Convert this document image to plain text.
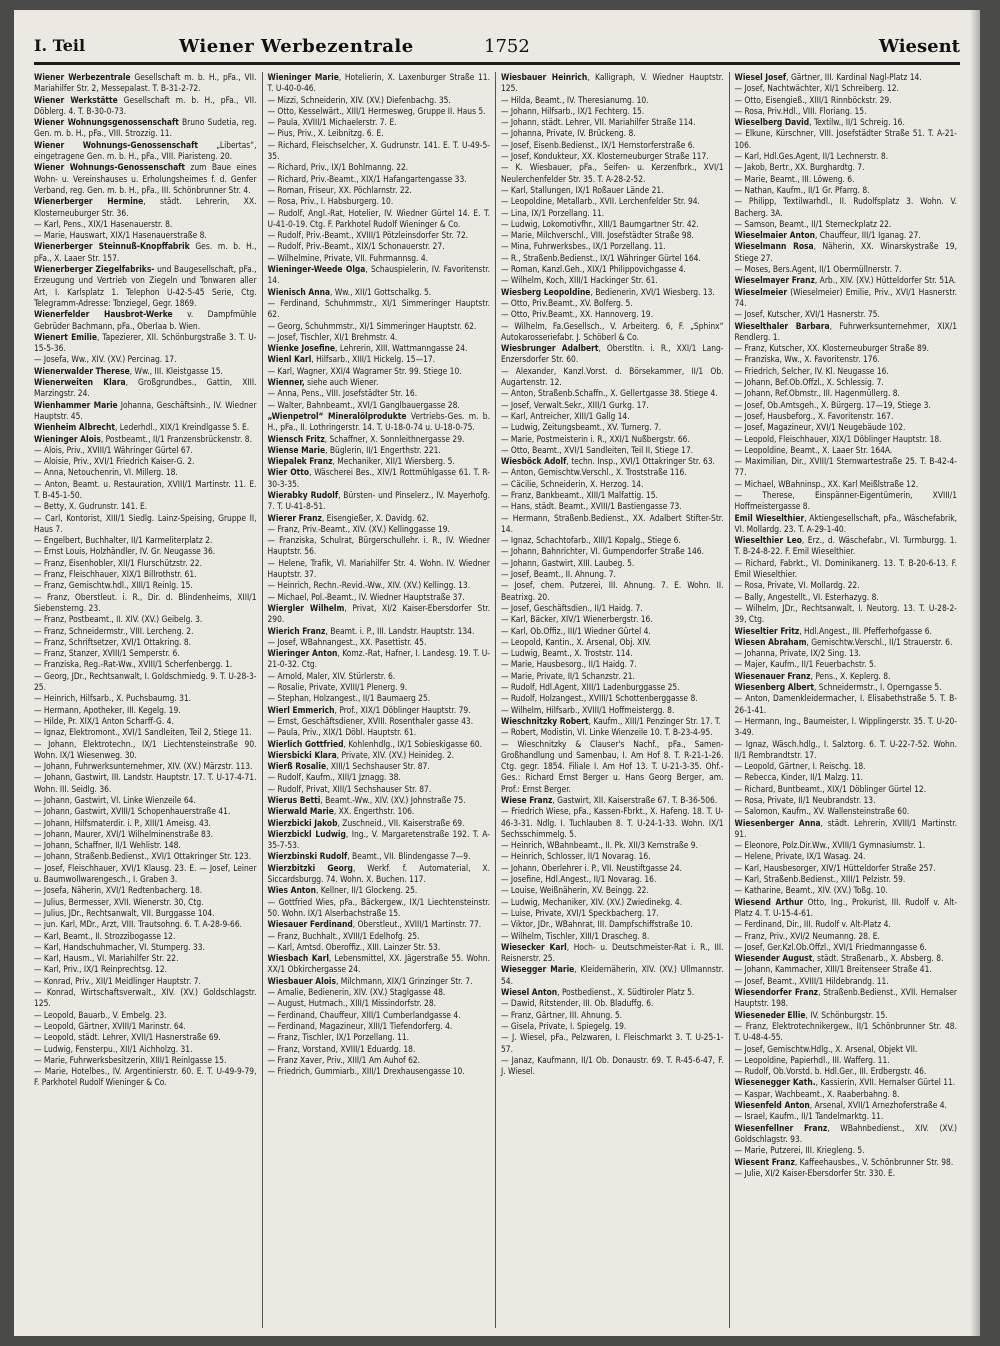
I. Teil	Wiener Werbezentrale	1752	Wiesent

Wiener Werbezentrale Gesellschaft m. b. H., pFa., VII. Mariahilfer Str. 2, Messepalast. T. B-31-2-72.

Wiener Werkstätte Gesellschaft m. b. H., pFa., VII. Döblerg. 4. T. B-30-0-73.

Wiener Wohnungsgenossenschaft Bruno Sudetia, reg. Gen. m. b. H., pFa., VIII. Strozzig. 11.

Wiener Wohnungs-Genossenschaft „Libertas“, eingetragene Gen. m. b. H., pFa., VIII. Piaristeng. 20.

Wiener Wohnungs-Genossenschaft zum Baue eines Wohn- u. Vereinshauses u. Erholungsheimes f. d. Genfer Verband, reg. Gen. m. b. H., pFa., III. Schönbrunner Str. 4.

Wienerberger Hermine, städt. Lehrerin, XX. Klosterneuburger Str. 36.

— Karl, Pens., XIX/1 Hasenauerstr. 8.

— Marie, Hauswart, XIX/1 Hasenauerstraße 8.

Wienerberger Steinnuß-Knopffabrik Ges. m. b. H., pFa., X. Laaer Str. 157.

Wienerberger Ziegelfabriks- und Baugesellschaft, pFa., Erzeugung und Vertrieb von Ziegeln und Tonwaren aller Art, I. Karlsplatz 1. Telephon U-42-5-45 Serie, Ctg. Telegramm-Adresse: Tonziegel, Gegr. 1869.

Wienerfelder Hausbrot-Werke v. Dampfmühle Gebrüder Bachmann, pFa., Oberlaa b. Wien.

Wienert Emilie, Tapezierer, XII. Schönburgstraße 3. T. U-15-5-36.

— Josefa, Ww., XIV. (XV.) Percinag. 17.

Wienerwalder Therese, Ww., III. Kleistgasse 15.

Wienerweiten Klara, Großgrundbes., Gattin, XIII. Marzingstr. 24.

Wienhammer Marie Johanna, Geschäftsinh., IV. Wiedner Hauptstr. 45.

Wienheim Albrecht, Lederhdl., XIX/1 Kreindlgasse 5. E.

Wieninger Alois, Postbeamt., II/1 Franzensbrückenstr. 8.

— Alois, Priv., XVIII/1 Währinger Gürtel 67.

— Aloisie, Priv., XVI/1 Friedrich Kaiser-G. 2.

— Anna, Netouchenrin, VI. Millerg. 18.

— Anton, Beamt. u. Restauration, XVIII/1 Martinstr. 11. E. T. B-45-1-50.

— Betty, X. Gudrunstr. 141. E.

— Carl, Kontorist, XIII/1 Siedlg. Lainz-Speising, Gruppe II, Haus 7.

— Engelbert, Buchhalter, II/1 Karmeliterplatz 2.

— Ernst Louis, Holzhändler, IV. Gr. Neugasse 36.

— Franz, Eisenhobler, XII/1 Flurschützstr. 22.

— Franz, Fleischhauer, XIX/1 Billrothstr. 61.

— Franz, Gemischtw.hdl., XIII/1 Reinlg. 15.

— Franz, Oberstleut. i. R., Dir. d. Blindenheims, XIII/1 Siebensterng. 23.

— Franz, Postbeamt., II. XIV. (XV.) Geibelg. 3.

— Franz, Schneidermstr., VIII. Lercheng. 2.

— Franz, Schriftsetzer, XVI/1 Ottakring. 8.

— Franz, Stanzer, XVIII/1 Semperstr. 6.

— Franziska, Reg.-Rat-Ww., XVIII/1 Scherfenbergg. 1.

— Georg, JDr., Rechtsanwalt, I. Goldschmiedg. 9. T. U-28-3-25.

— Heinrich, Hilfsarb., X. Puchsbaumg. 31.

— Hermann, Apotheker, III. Kegelg. 19.

— Hilde, Pr. XIX/1 Anton Scharff-G. 4.

— Ignaz, Elektromont., XVI/1 Sandleiten, Teil 2, Stiege 11.

— Johann, Elektrotechn., IX/1 Liechtensteinstraße 90. Wohn. IX/1 Wiesenweg. 30.

— Johann, Fuhrwerksunternehmer, XIV. (XV.) Märzstr. 113.

— Johann, Gastwirt, III. Landstr. Hauptstr. 17. T. U-17-4-71. Wohn. III. Seidlg. 36.

— Johann, Gastwirt, VI. Linke Wienzeile 64.

— Johann, Gastwirt, XVIII/1 Schopenhauerstraße 41.

— Johann, Hilfsmaterdir. i. P., XIII/1 Ameisg. 43.

— Johann, Maurer, XVI/1 Wilhelminenstraße 83.

— Johann, Schaffner, II/1 Wehlistr. 148.

— Johann, Straßenb.Bedienst., XVI/1 Ottakringer Str. 123.

— Josef, Fleischhauer, XVI/1 Klausg. 23. E. — Josef, Leiner u. Baumwollwarengesch., I. Graben 3.

— Josefa, Näherin, XVI/1 Redtenbacherg. 18.

— Julius, Bermesser, XVII. Wienerstr. 30, Ctg.

— Julius, JDr., Rechtsanwalt, VII. Burggasse 104.

— jun. Karl, MDr., Arzt, VIII. Trautsohng. 6. T. A-28-9-66.

— Karl, Beamt., II. Strozzibogasse 12.

— Karl, Handschuhmacher, VI. Stumperg. 33.

— Karl, Hausm., VI. Mariahilfer Str. 22.

— Karl, Priv., IX/1 Reinprechtsg. 12.

— Konrad, Priv., XII/1 Meidlinger Hauptstr. 7.

— Konrad, Wirtschaftsverwalt., XIV. (XV.) Goldschlagstr. 125.

— Leopold, Bauarb., V. Embelg. 23.

— Leopold, Gärtner, XVIII/1 Marinstr. 64.

— Leopold, städt. Lehrer, XVII/1 Hasnerstraße 69.

— Ludwig, Fensterpu., XII/1 Aichholzg. 31.

— Marie, Fuhrwerksbesitzerin, XIII/1 Reinlgasse 15.

— Marie, Hotelbes., IV. Argentinierstr. 60. E. T. U-49-9-79, F. Parkhotel Rudolf Wieninger & Co.

Wieninger Marie, Hotelierin, X. Laxenburger Straße 11. T. U-40-0-46.

— Mizzi, Schneiderin, XIV. (XV.) Diefenbachg. 35.

— Otto, Kesselwärt., XIII/1 Hermesweg, Gruppe II. Haus 5.

— Paula, XVIII/1 Michaelerstr. 7. E.

— Pius, Priv., X. Leibnitzg. 6. E.

— Richard, Fleischselcher, X. Gudrunstr. 141. E. T. U-49-5-35.

— Richard, Priv., IX/1 Bohlmanng. 22.

— Richard, Priv.-Beamt., XIX/1 Hafangartengasse 33.

— Roman, Friseur, XX. Pöchlarnstr. 22.

— Rosa, Priv., I. Habsburgerg. 10.

— Rudolf, Angl.-Rat, Hotelier, IV. Wiedner Gürtel 14. E. T. U-41-0-19. Ctg. F. Parkhotel Rudolf Wieninger & Co.

— Rudolf, Priv.-Beamt., XVIII/1 Pötzleinsdorfer Str. 72.

— Rudolf, Priv.-Beamt., XIX/1 Schonauerstr. 27.

— Wilhelmine, Private, VII. Fuhrmannsg. 4.

Wieninger-Weede Olga, Schauspielerin, IV. Favoritenstr. 14.

Wienisch Anna, Ww., XII/1 Gottschalkg. 5.

— Ferdinand, Schuhmmstr., XI/1 Simmeringer Hauptstr. 62.

— Georg, Schuhmmstr., XI/1 Simmeringer Hauptstr. 62.

— Josef, Tischler, XI/1 Brehmstr. 4.

Wienke Josefine, Lehrerin, XIII. Wattmanngasse 24.

Wienl Karl, Hilfsarb., XIII/1 Hickelg. 15—17.

— Karl, Wagner, XXI/4 Wagramer Str. 99. Stiege 10.

Wienner, siehe auch Wiener.

— Anna, Pens., VIII. Josefstädter Str. 16.

— Walter, Bahnbeamt., XVI/1 Ganglbauergasse 28.

„Wienpetrol“ Mineralölprodukte Vertriebs-Ges. m. b. H., pFa., II. Lothringerstr. 14. T. U-18-0-74 u. U-18-0-75.

Wiensch Fritz, Schaffner, X. Sonnleithnergasse 29.

Wiense Marie, Büglerin, II/1 Engerthstr. 221.

Wiepalek Franz, Mechaniker, XII/1 Wiersberg. 5.

Wier Otto, Wäscherei Bes., XIV/1 Rottmühlgasse 61. T. R-30-3-35.

Wierabky Rudolf, Bürsten- und Pinselerz., IV. Mayerhofg. 7. T. U-41-8-51.

Wierer Franz, Eisengießer, X. Davidg. 62.

— Franz, Priv.-Beamt., XIV. (XV.) Kellinggasse 19.

— Franziska, Schulrat, Bürgerschullehr. i. R., IV. Wiedner Hauptstr. 56.

— Helene, Trafik, VI. Mariahilfer Str. 4. Wohn. IV. Wiedner Hauptstr. 37.

— Heinrich, Rechn.-Revid.-Ww., XIV. (XV.) Kellingg. 13.

— Michael, Pol.-Beamt., IV. Wiedner Hauptstraße 37.

Wiergler Wilhelm, Privat, XI/2 Kaiser-Ebersdorfer Str. 290.

Wierich Franz, Beamt. i. P., III. Landstr. Hauptstr. 134.

— Josef, WBahnangest., XX. Pasettistr. 45.

Wieringer Anton, Komz.-Rat, Hafner, I. Landesg. 19. T. U-21-0-32. Ctg.

— Arnold, Maler, XIV. Stürlerstr. 6.

— Rosalie, Private, XVIII/1 Plenerg. 9.

— Stephan, Holzangest., II/1 Baumaerg 25.

Wierl Emmerich, Prof., XIX/1 Döblinger Hauptstr. 79.

— Ernst, Geschäftsdiener, XVIII. Rosenthaler gasse 43.

— Paula, Priv., XIX/1 Döbl. Hauptstr. 61.

Wierlich Gottfried, Kohlenhdlg., IX/1 Sobieskigasse 60.

Wiersbicki Klara, Private, XIV. (XV.) Heinideg. 2.

Wierß Rosalie, XIII/1 Sechshauser Str. 87.

— Rudolf, Kaufm., XIII/1 Jznagg. 38.

— Rudolf, Privat, XIII/1 Sechshauser Str. 87.

Wierus Betti, Beamt.-Ww., XIV. (XV.) Johnstraße 75.

Wierwald Marie, XX. Engerthstr. 106.

Wierzbicki Jakob, Zuschneid., VII. Kaiserstraße 69.

Wierzbickl Ludwig, Ing., V. Margaretenstraße 192. T. A-35-7-53.

Wierzbinski Rudolf, Beamt., VII. Blindengasse 7—9.

Wierzbitzki Georg, Werkf. f. Automaterial, X. Siccardsburgg. 74. Wohn. X. Buchen. 117.

Wies Anton, Kellner, II/1 Glockeng. 25.

— Gottfried Wies, pFa., Bäckergew., IX/1 Liechtensteinstr. 50. Wohn. IX/1 Alserbachstraße 15.

Wiesauer Ferdinand, Oberstleut., XVIII/1 Martinstr. 77.

— Franz, Buchhalt., XVIII/1 Edelhofg. 25.

— Karl, Amtsd. Oberoffiz., XIII. Lainzer Str. 53.

Wiesbach Karl, Lebensmittel, XX. Jägerstraße 55. Wohn. XX/1 Obkirchergasse 24.

Wiesbauer Alois, Milchmann, XIX/1 Grinzinger Str. 7.

— Amalie, Bedienerin, XIV. (XV.) Staglgasse 48.

— August, Hutmach., XIII/1 Missindorfstr. 28.

— Ferdinand, Chauffeur, XIII/1 Cumberlandgasse 4.

— Ferdinand, Magazineur, XIII/1 Tiefendorferg. 4.

— Franz, Tischler, IX/1 Porzellang. 11.

— Franz, Vorstand, XVIII/1 Eduardg. 18.

— Franz Xaver, Priv., XIII/1 Am Auhof 62.

— Friedrich, Gummiarb., XIII/1 Drexhausengasse 10.

Wiesbauer Heinrich, Kalligraph, V. Wiedner Hauptstr. 125.

— Hilda, Beamt., IV. Theresianumg. 10.

— Johann, Hilfsarb., IX/1 Fechterg. 15.

— Johann, städt. Lehrer, VII. Mariahilfer Straße 114.

— Johanna, Private, IV. Brückeng. 8.

— Josef, Eisenb.Bedienst., IX/1 Hernstorferstraße 6.

— Josef, Kondukteur, XX. Klosterneuburger Straße 117.

— K. Wiesbauer, pFa., Seifen- u. Kerzenfbrk., XVI/1 Neulerchenfelder Str. 35. T. A-28-2-52.

— Karl, Stallungen, IX/1 Roßauer Lände 21.

— Leopoldine, Metallarb., XVII. Lerchenfelder Str. 94.

— Lina, IX/1 Porzellang. 11.

— Ludwig, Lokomotivfhr., XIII/1 Baumgartner Str. 42.

— Marie, Milchverschl., VIII. Josefstädter Straße 98.

— Mina, Fuhrwerksbes., IX/1 Porzellang. 11.

— R., Straßenb.Bedienst., IX/1 Währinger Gürtel 164.

— Roman, Kanzl.Geh., XIX/1 Philippovichgasse 4.

— Wilhelm, Koch, XIII/1 Hackinger Str. 61.

Wiesberg Leopoldine, Bedienerin, XVI/1 Wiesberg. 13.

— Otto, Priv.Beamt., XV. Bolferg. 5.

— Otto, Priv.Beamt., XX. Hannoverg. 19.

— Wilhelm, Fa.Gesellsch., V. Arbeiterg. 6, F. „Sphinx“ Autokarosseriefabr. J. Schöberl & Co.

Wiesbrunger Adalbert, Oberstltn. i. R., XXI/1 Lang-Enzersdorfer Str. 60.

— Alexander, Kanzl.Vorst. d. Börsekammer, II/1 Ob. Augartenstr. 12.

— Anton, Straßenb.Schaffn., X. Gellertgasse 38. Stiege 4.

— Josef, Verwalt.Sekr., XIII/1 Gurkg. 17.

— Karl, Antreicher, XIII/1 Gallg 14.

— Ludwig, Zeitungsbeamt., XV. Turnerg. 7.

— Marie, Postmeisterin i. R., XXI/1 Nußbergstr. 66.

— Otto, Beamt., XVI/1 Sandleiten, Teil II, Stiege 17.

Wiesböck Adolf, techn. Insp., XVI/1 Ottakringer Str. 63.

— Anton, Gemischtw.Verschl., X. Troststraße 116.

— Cäcilie, Schneiderin, X. Herzog. 14.

— Franz, Bankbeamt., XIII/1 Malfattig. 15.

— Hans, städt. Beamt., XVIII/1 Bastiengasse 73.

— Hermann, Straßenb.Bedienst., XX. Adalbert Stifter-Str. 14.

— Ignaz, Schachtofarb., XIII/1 Kopalg., Stiege 6.

— Johann, Bahnrichter, VI. Gumpendorfer Straße 146.

— Johann, Gastwirt, XIII. Laubeg. 5.

— Josef, Beamt., II. Ahnung. 7.

— Josef, chem. Putzerei, III. Ahnung. 7. E. Wohn. II. Beatrixg. 20.

— Josef, Geschäftsdien., II/1 Haidg. 7.

— Karl, Bäcker, XIV/1 Wienerbergstr. 16.

— Karl, Ob.Offiz., III/1 Wiedner Gürtel 4.

— Leopold, Kantin., X. Arsenal, Obj. XIV.

— Ludwig, Beamt., X. Troststr. 114.

— Marie, Hausbesorg., II/1 Haidg. 7.

— Marie, Private, II/1 Schanzstr. 21.

— Rudolf, Hdl.Agent, XIII/1 Ladenburggasse 25.

— Rudolf, Holzangest., XVIII/1 Schottenberggasse 8.

— Wilhelm, Hilfsarb., XVIII/1 Hoffmeistergg. 8.

Wieschnitzky Robert, Kaufm., XIII/1 Penzinger Str. 17. T.

— Robert, Modistin, VI. Linke Wienzeile 10. T. B-23-4-95.

— Wieschnitzky & Clauser's Nachf., pFa., Samen-Großhandlung und Samenbau, I. Am Hof 8. T. R-21-1-26. Ctg. gegr. 1854. Filiale I. Am Hof 13. T. U-21-3-35. Ohf.-Ges.: Richard Ernst Berger u. Hans Georg Berger, am. Prof.: Ernst Berger.

Wiese Franz, Gastwirt, XII. Kaiserstraße 67. T. B-36-506.

— Friedrich Wiese, pFa., Kassen-Fbrkt., X. Hafeng. 18. T. U-46-3-31. Ndlg. I. Tuchlauben 8. T. U-24-1-33. Wohn. IX/1 Sechsschimmelg. 5.

— Heinrich, WBahnbeamt., II. Pk. XII/3 Kernstraße 9.

— Heinrich, Schlosser, II/1 Novarag. 16.

— Johann, Oberlehrer i. P., VII. Neustiftgasse 24.

— Josefine, Hdl.Angest., II/1 Novarag. 16.

— Louise, Weißnäherin, XV. Beingg. 22.

— Ludwig, Mechaniker, XIV. (XV.) Zwiedinekg. 4.

— Luise, Private, XVI/1 Speckbacherg. 17.

— Viktor, JDr., WBahnrat, III. Dampfschiffstraße 10.

— Wilhelm, Tischler, XIII/1 Drascheg. 8.

Wiesecker Karl, Hoch- u. Deutschmeister-Rat i. R., III. Reisnerstr. 25.

Wiesegger Marie, Kleidernäherin, XIV. (XV.) Ullmannstr. 54.

Wiesel Anton, Postbedienst., X. Südtiroler Platz 5.

— Dawid, Ritstender, III. Ob. Bladuffg. 6.

— Franz, Gärtner, III. Ahnung. 5.

— Gisela, Private, I. Spiegelg. 19.

— J. Wiesel, pFa., Pelzwaren, I. Fleischmarkt 3. T. U-25-1-57.

— Janaz, Kaufmann, II/1 Ob. Donaustr. 69. T. R-45-6-47, F. J. Wiesel.

Wiesel Josef, Gärtner, III. Kardinal Nagl-Platz 14.

— Josef, Nachtwächter, XI/1 Schreiberg. 12.

— Otto, Eisengieß., XIII/1 Rinnböckstr. 29.

— Rosa, Priv.Hdl., VIII. Floriang. 15.

Wieselberg David, Textilw., II/1 Schreig. 16.

— Elkune, Kürschner, VIII. Josefstädter Straße 51. T. A-21-106.

— Karl, Hdl.Ges.Agent, II/1 Lechnerstr. 8.

— Jakob, Bertr., XX. Burghardtg. 7.

— Marie, Beamt., III. Löweng. 6.

— Nathan, Kaufm., II/1 Gr. Pfarrg. 8.

— Philipp, Textilwarhdl., II. Rudolfsplatz 3. Wohn. V. Bacherg. 3A.

— Samson, Beamt., II/1 Sterneckplatz 22.

Wieselmaier Anton, Chauffeur, III/1 Iganag. 27.

Wieselmann Rosa, Näherin, XX. Winarskystraße 19, Stiege 27.

— Moses, Bers.Agent, II/1 Obermüllnerstr. 7.

Wieselmayer Franz, Arb., XIV. (XV.) Hütteldorfer Str. 51A.

Wieselmeier (Wieselmeier) Emilie, Priv., XVI/1 Hasnerstr. 74.

— Josef, Kutscher, XVI/1 Hasnerstr. 75.

Wieselthaler Barbara, Fuhrwerksunternehmer, XIX/1 Rendlerg. 1.

— Franz, Kutscher, XX. Klosterneuburger Straße 89.

— Franziska, Ww., X. Favoritenstr. 176.

— Friedrich, Selcher, IV. Kl. Neugasse 16.

— Johann, Bef.Ob.Offzl., X. Schlessig. 7.

— Johann, Ref.Obmstr., III. Hagenmüllerg. 8.

— Josef, Ob.Amtsgeh., X. Bürgerg. 17—19, Stiege 3.

— Josef, Hausbeforg., X. Favoritenstr. 167.

— Josef, Magazineur, XVI/1 Neugebäude 102.

— Leopold, Fleischhauer, XIX/1 Döblinger Hauptstr. 18.

— Leopoldine, Beamt., X. Laaer Str. 164A.

— Maximilian, Dir., XVIII/1 Sternwartestraße 25. T. B-42-4-77.

— Michael, WBahninsp., XX. Karl Meißlstraße 12.

— Therese, Einspänner-Eigentümerin, XVIII/1 Hoffmeistergasse 8.

Emil Wieselthier, Aktiengesellschaft, pFa., Wäschefabrik, VI. Mollardg. 23. T. A-29-1-40.

Wieselthier Leo, Erz., d. Wäschefabr., VI. Turmburgg. 1. T. B-24-8-22. F. Emil Wieselthier.

— Richard, Fabrkt., VI. Dominikanerg. 13. T. B-20-6-13. F. Emil Wieselthier.

— Rosa, Private, VI. Mollardg. 22.

— Bally, Angestellt., VI. Esterhazyg. 8.

— Wilhelm, JDr., Rechtsanwalt, I. Neutorg. 13. T. U-28-2-39, Ctg.

Wieseltier Fritz, Hdl.Angest., III. Pfefferhofgasse 6.

Wiesen Abraham, Gemischtw.Verschl., II/1 Strauerstr. 6.

— Johanna, Private, IX/2 Sing. 13.

— Majer, Kaufm., II/1 Feuerbachstr. 5.

Wiesenauer Franz, Pens., X. Keplerg. 8.

Wiesenberg Albert, Schneidermstr., I. Operngasse 5.

— Anton, Damenkleidermacher, I. Elisabethstraße 5. T. B-26-1-41.

— Hermann, Ing., Baumeister, I. Wipplingerstr. 35. T. U-20-3-49.

— Ignaz, Wäsch.hdlg., I. Salztorg. 6. T. U-22-7-52. Wohn. II/1 Rembrandtstr. 17.

— Leopold, Gärtner, I. Reischg. 18.

— Rebecca, Kinder, II/1 Malzg. 11.

— Richard, Buntbeamt., XIX/1 Döblinger Gürtel 12.

— Rosa, Private, II/1 Neubrandstr. 13.

— Salomon, Kaufm., XV. Wallensteinstraße 60.

Wiesenberger Anna, städt. Lehrerin, XVIII/1 Martinstr. 91.

— Eleonore, Polz.Dir.Ww., XVIII/1 Gymnasiumstr. 1.

— Helene, Private, IX/1 Wasag. 24.

— Karl, Hausbesorger, XIV/1 Hütteldorfer Straße 257.

— Karl, Straßenb.Bedienst., XIII/1 Pelzistr. 59.

— Katharine, Beamt., XIV. (XV.) Toßg. 10.

Wiesend Arthur Otto, Ing., Prokurist, III. Rudolf v. Alt-Platz 4. T. U-15-4-61.

— Ferdinand, Dir., III. Rudolf v. Alt-Platz 4.

— Franz, Priv., XVI/2 Neumanng. 28. E.

— Josef, Ger.Kzl.Ob.Offzl., XVI/1 Friedmanngasse 6.

Wiesender August, städt. Straßenarb., X. Absberg. 8.

— Johann, Kammacher, XIII/1 Breitenseer Straße 41.

— Josef, Beamt., XVIII/1 Hildebrandg. 11.

Wiesendorfer Franz, Straßenb.Bedienst., XVII. Hernalser Hauptstr. 198.

Wieseneder Ellie, IV. Schönburgstr. 15.

— Franz, Elektrotechnikergew., II/1 Schönbrunner Str. 48. T. U-48-4-55.

— Josef, Gemischtw.Hdlg., X. Arsenal, Objekt VII.

— Leopoldine, Papierhdl., III. Wafferg. 11.

— Rudolf, Ob.Vorstd. b. Hdl.Ger., III. Erdbergstr. 46.

Wiesenegger Kath., Kassierin, XVII. Hernalser Gürtel 11.

— Kaspar, Wachbeamt., X. Raaberbahng. 8.

Wiesenfeld Anton, Arsenal, XVII/1 Arnezhoferstraße 4.

— Israel, Kaufm., II/1 Tandelmarktg. 11.

Wiesenfellner Franz, WBahnbedienst., XIV. (XV.) Goldschlagstr. 93.

— Marie, Putzerei, III. Kriegleng. 5.

Wiesent Franz, Kaffeehausbes., V. Schönbrunner Str. 98.

— Julie, XI/2 Kaiser-Ebersdorfer Str. 330. E.
